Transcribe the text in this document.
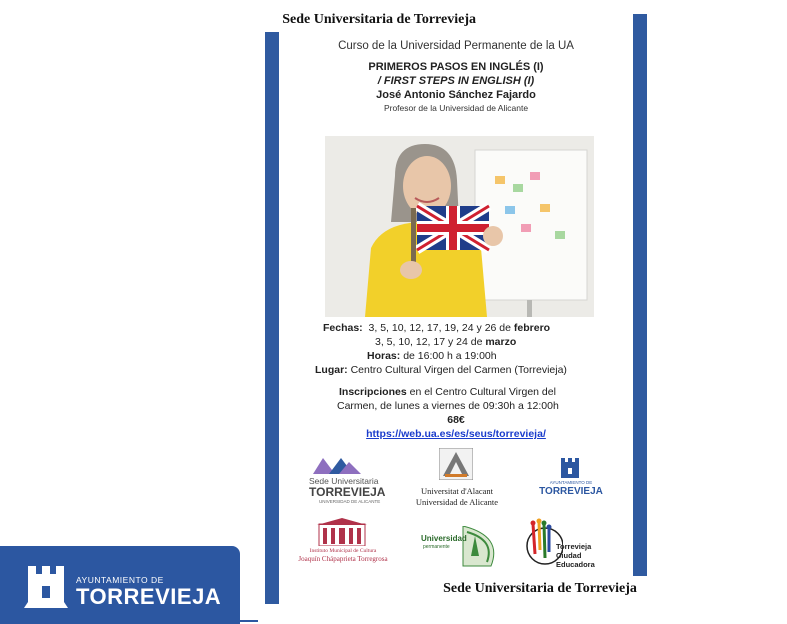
Sede Universitaria de Torrevieja
Curso de la Universidad Permanente de la UA
PRIMEROS PASOS EN INGLÉS (I)
/ FIRST STEPS IN ENGLISH (I)
José Antonio Sánchez Fajardo
Profesor de la Universidad de Alicante
Fechas: 3, 5, 10, 12, 17, 19, 24 y 26 de febrero
3, 5, 10, 12, 17 y 24 de marzo
Horas: de 16:00 h a 19:00h
Lugar: Centro Cultural Virgen del Carmen (Torrevieja)
Inscripciones en el Centro Cultural Virgen del
Carmen, de lunes a viernes de 09:30h a 12:00h
68€
https://web.ua.es/es/seus/torrevieja/
Sede Universitaria
TORREVIEJA
UNIVERSIDAD DE ALICANTE
Universitat d'Alacant
Universidad de Alicante
AYUNTAMIENTO DE
TORREVIEJA
Instituto Municipal de Cultura
Joaquín Chápaprieta Torregrosa
Universidad
permanente	Torrevieja
Ciudad Educadora
Sede Universitaria de Torrevieja
AYUNTAMIENTO DE
TORREVIEJA
